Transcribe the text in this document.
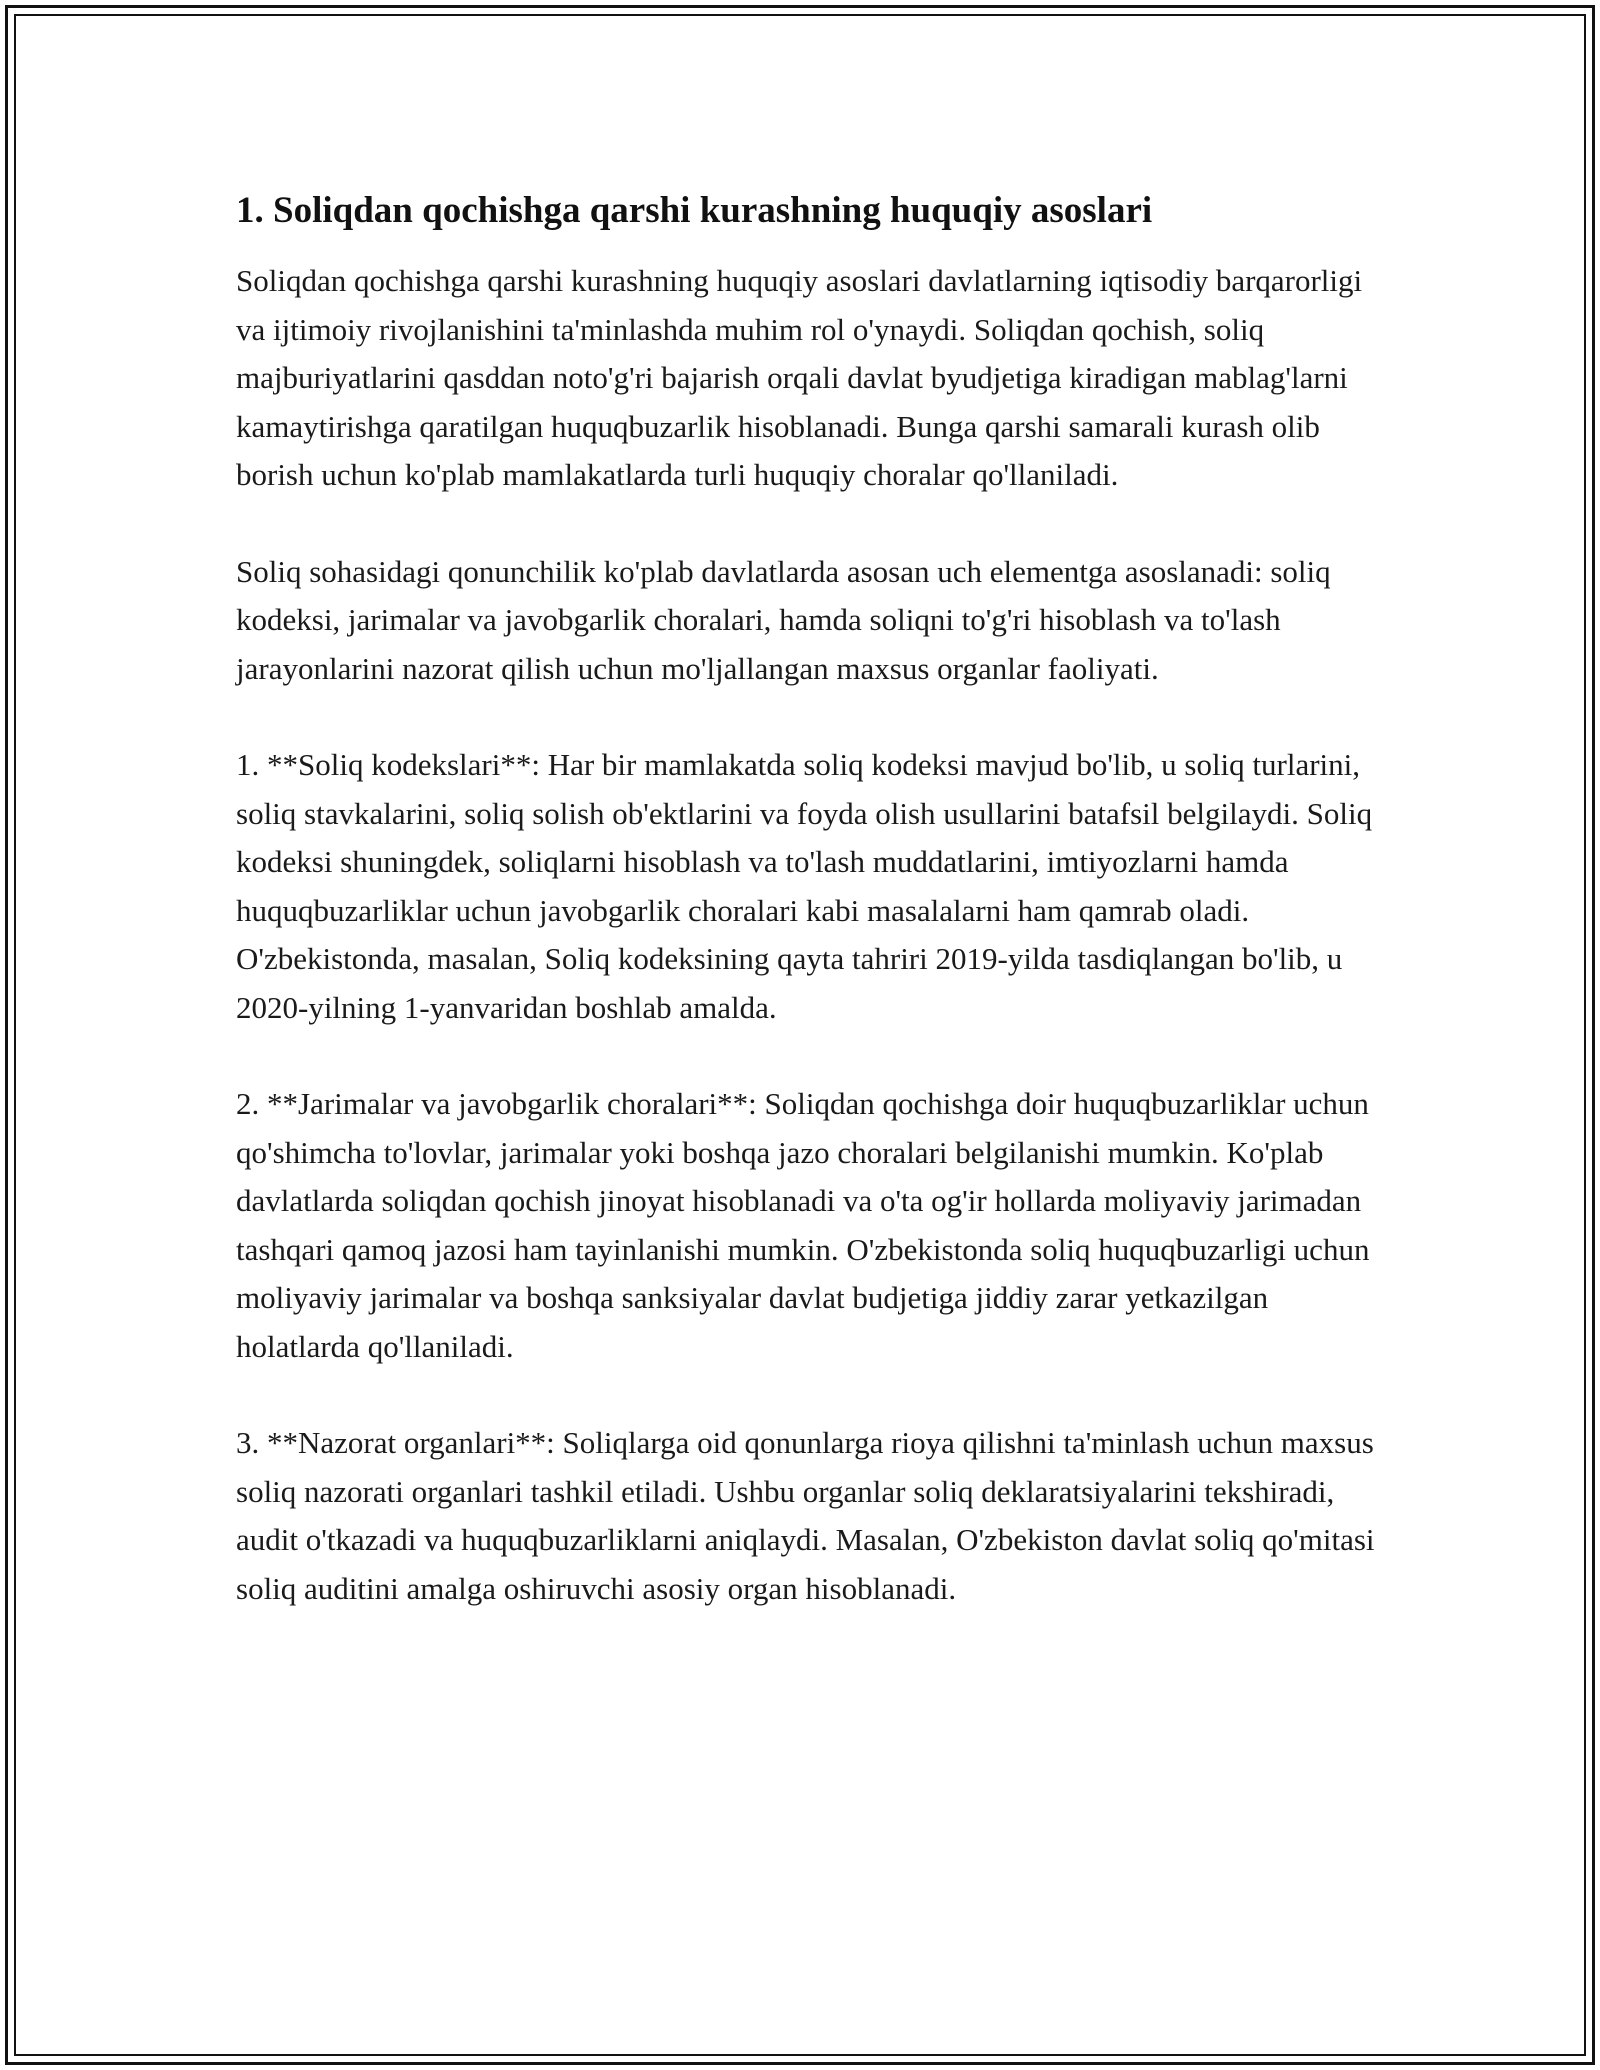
1. Soliqdan qochishga qarshi kurashning huquqiy asoslari

Soliqdan qochishga qarshi kurashning huquqiy asoslari davlatlarning iqtisodiy barqarorligi va ijtimoiy rivojlanishini ta'minlashda muhim rol o'ynaydi. Soliqdan qochish, soliq majburiyatlarini qasddan noto'g'ri bajarish orqali davlat byudjetiga kiradigan mablag'larni kamaytirishga qaratilgan huquqbuzarlik hisoblanadi. Bunga qarshi samarali kurash olib borish uchun ko'plab mamlakatlarda turli huquqiy choralar qo'llaniladi.

Soliq sohasidagi qonunchilik ko'plab davlatlarda asosan uch elementga asoslanadi: soliq kodeksi, jarimalar va javobgarlik choralari, hamda soliqni to'g'ri hisoblash va to'lash jarayonlarini nazorat qilish uchun mo'ljallangan maxsus organlar faoliyati.

1. **Soliq kodekslari**: Har bir mamlakatda soliq kodeksi mavjud bo'lib, u soliq turlarini, soliq stavkalarini, soliq solish ob'ektlarini va foyda olish usullarini batafsil belgilaydi. Soliq kodeksi shuningdek, soliqlarni hisoblash va to'lash muddatlarini, imtiyozlarni hamda huquqbuzarliklar uchun javobgarlik choralari kabi masalalarni ham qamrab oladi. O'zbekistonda, masalan, Soliq kodeksining qayta tahriri 2019-yilda tasdiqlangan bo'lib, u 2020-yilning 1-yanvaridan boshlab amalda.

2. **Jarimalar va javobgarlik choralari**: Soliqdan qochishga doir huquqbuzarliklar uchun qo'shimcha to'lovlar, jarimalar yoki boshqa jazo choralari belgilanishi mumkin. Ko'plab davlatlarda soliqdan qochish jinoyat hisoblanadi va o'ta og'ir hollarda moliyaviy jarimadan tashqari qamoq jazosi ham tayinlanishi mumkin. O'zbekistonda soliq huquqbuzarligi uchun moliyaviy jarimalar va boshqa sanksiyalar davlat budjetiga jiddiy zarar yetkazilgan holatlarda qo'llaniladi.

3. **Nazorat organlari**: Soliqlarga oid qonunlarga rioya qilishni ta'minlash uchun maxsus soliq nazorati organlari tashkil etiladi. Ushbu organlar soliq deklaratsiyalarini tekshiradi, audit o'tkazadi va huquqbuzarliklarni aniqlaydi. Masalan, O'zbekiston davlat soliq qo'mitasi soliq auditini amalga oshiruvchi asosiy organ hisoblanadi.
